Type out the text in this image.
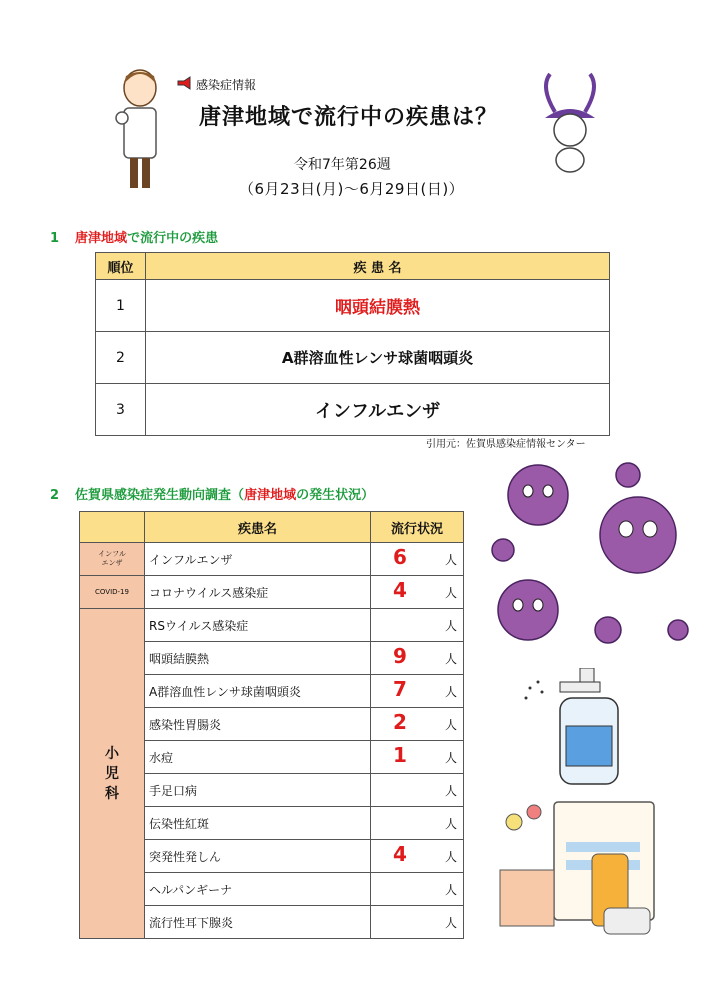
感染症情報
唐津地域で流行中の疾患は？
令和7年第26週
（6月23日(月)～6月29日(日)）
1 唐津地域で流行中の疾患
順位	疾 患 名
1	咽頭結膜熱
2	A群溶血性レンサ球菌咽頭炎
3	インフルエンザ
引用元：佐賀県感染症情報センター
2 佐賀県感染症発生動向調査（唐津地域の発生状況）
	疾患名	流行状況
インフル
エンザ	インフルエンザ	6 人

COVID-19	コロナウイルス感染症	4 人

小
児
科	RSウイルス感染症	人

	咽頭結膜熱	9 人

	A群溶血性レンサ球菌咽頭炎	7 人

	感染性胃腸炎	2 人

	水痘	1 人

	手足口病	人

	伝染性紅斑	人

	突発性発しん	4 人

	ヘルパンギーナ	人

	流行性耳下腺炎	人
